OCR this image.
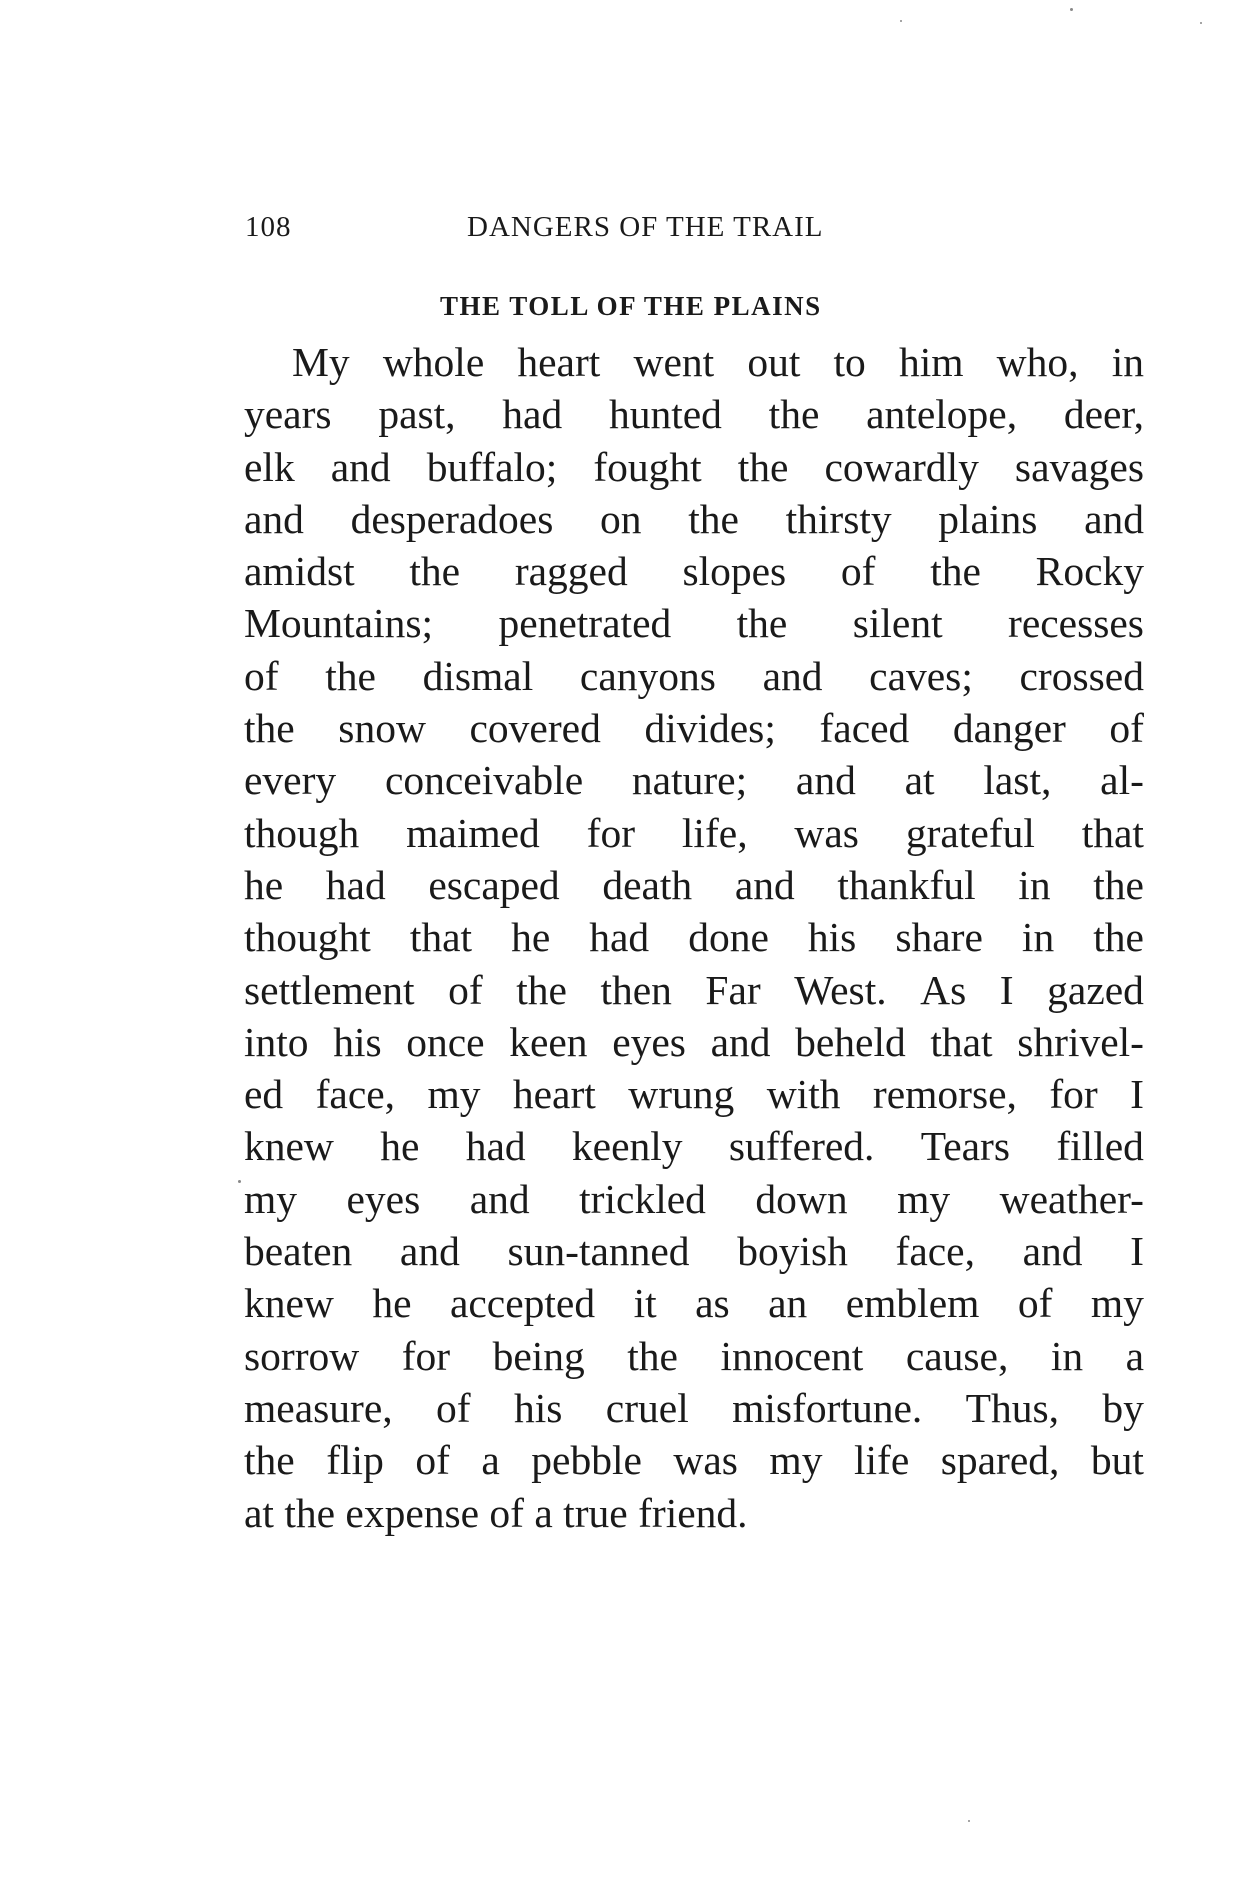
108	DANGERS OF THE TRAIL
THE TOLL OF THE PLAINS
My whole heart went out to him who, in
years past, had hunted the antelope, deer,
elk and buffalo; fought the cowardly savages
and desperadoes on the thirsty plains and
amidst the ragged slopes of the Rocky
Mountains; penetrated the silent recesses
of the dismal canyons and caves; crossed
the snow covered divides; faced danger of
every conceivable nature; and at last, al-
though maimed for life, was grateful that
he had escaped death and thankful in the
thought that he had done his share in the
settlement of the then Far West. As I gazed
into his once keen eyes and beheld that shrivel-
ed face, my heart wrung with remorse, for I
knew he had keenly suffered. Tears filled
my eyes and trickled down my weather-
beaten and sun-tanned boyish face, and I
knew he accepted it as an emblem of my
sorrow for being the innocent cause, in a
measure, of his cruel misfortune. Thus, by
the flip of a pebble was my life spared, but
at the expense of a true friend.
